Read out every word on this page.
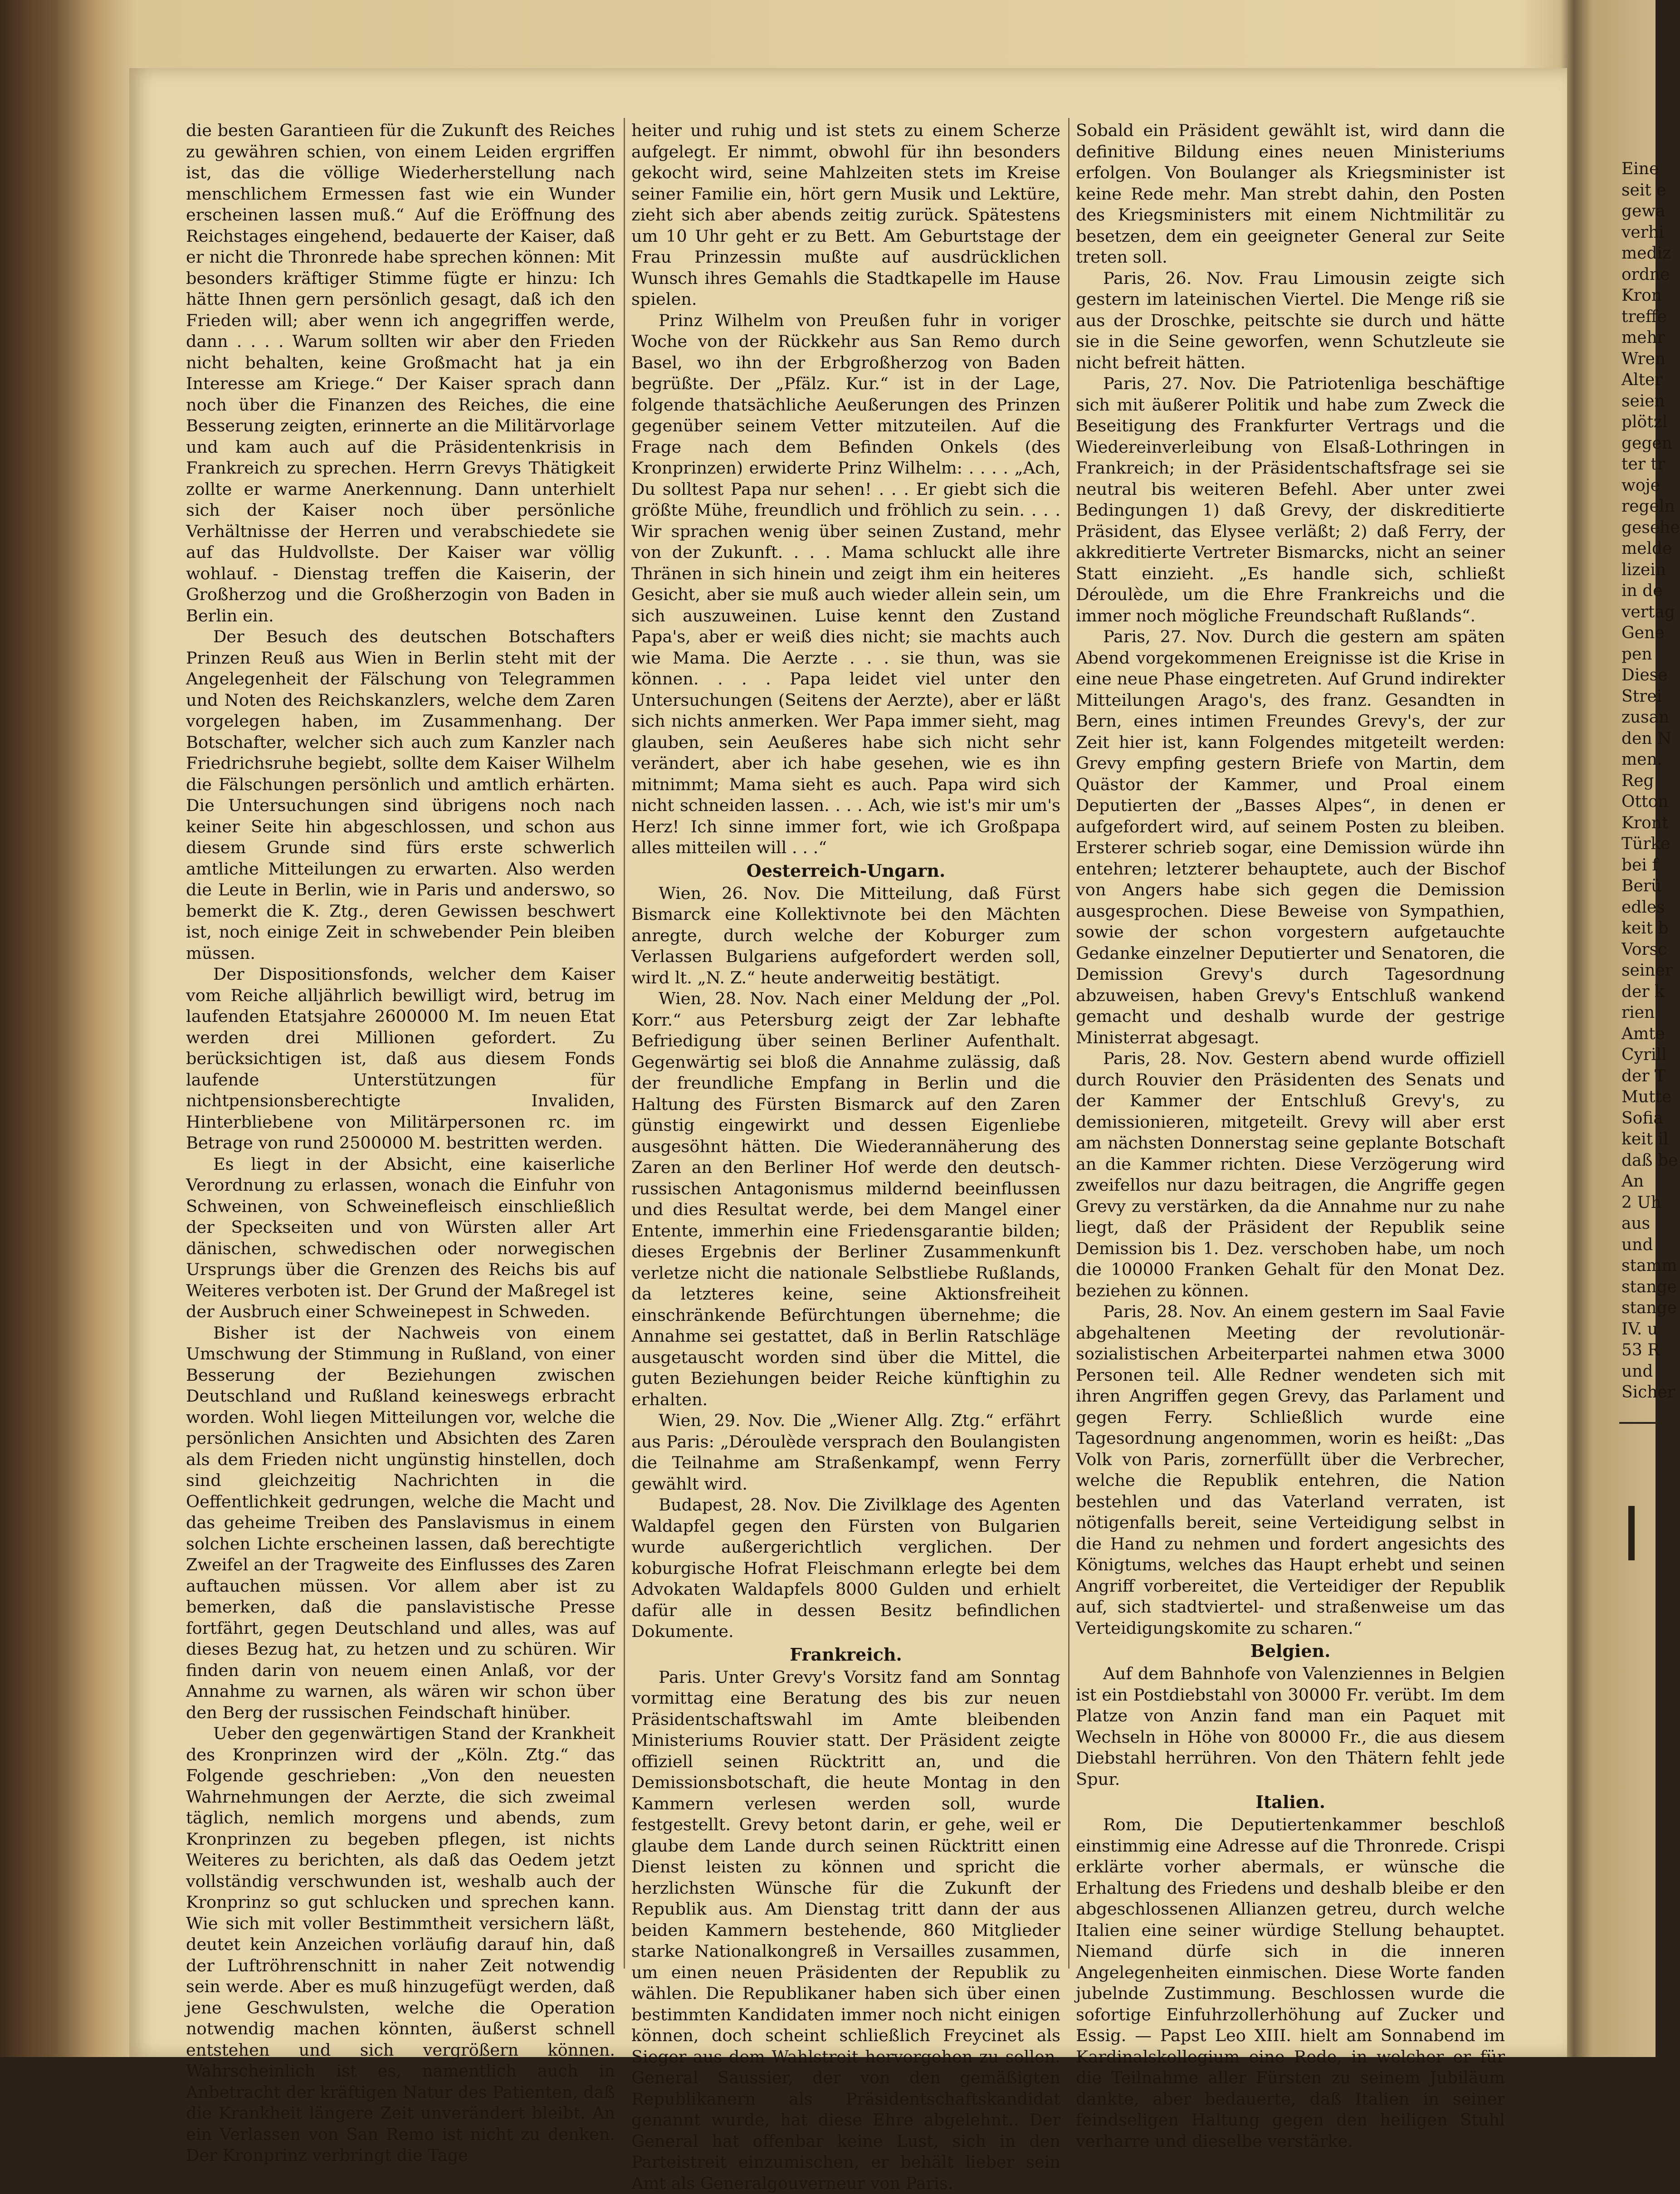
die besten Garantieen für die Zukunft des Reiches zu gewähren schien, von einem Leiden ergriffen ist, das die völlige Wiederherstellung nach menschlichem Ermessen fast wie ein Wunder erscheinen lassen muß.“ Auf die Eröffnung des Reichstages eingehend, bedauerte der Kaiser, daß er nicht die Thronrede habe sprechen können: Mit besonders kräftiger Stimme fügte er hinzu: Ich hätte Ihnen gern persönlich gesagt, daß ich den Frieden will; aber wenn ich angegriffen werde, dann . . . . Warum sollten wir aber den Frieden nicht behalten, keine Großmacht hat ja ein Interesse am Kriege.“ Der Kaiser sprach dann noch über die Finanzen des Reiches, die eine Besserung zeigten, erinnerte an die Militärvorlage und kam auch auf die Präsidentenkrisis in Frankreich zu sprechen. Herrn Grevys Thätigkeit zollte er warme Anerkennung. Dann unterhielt sich der Kaiser noch über persönliche Verhältnisse der Herren und verabschiedete sie auf das Huldvollste. Der Kaiser war völlig wohlauf. - Dienstag treffen die Kaiserin, der Großherzog und die Großherzogin von Baden in Berlin ein.

Der Besuch des deutschen Botschafters Prinzen Reuß aus Wien in Berlin steht mit der Angelegenheit der Fälschung von Telegrammen und Noten des Reichskanzlers, welche dem Zaren vorgelegen haben, im Zusammenhang. Der Botschafter, welcher sich auch zum Kanzler nach Friedrichsruhe begiebt, sollte dem Kaiser Wilhelm die Fälschungen persönlich und amtlich erhärten. Die Untersuchungen sind übrigens noch nach keiner Seite hin abgeschlossen, und schon aus diesem Grunde sind fürs erste schwerlich amtliche Mitteilungen zu erwarten. Also werden die Leute in Berlin, wie in Paris und anderswo, so bemerkt die K. Ztg., deren Gewissen beschwert ist, noch einige Zeit in schwebender Pein bleiben müssen.

Der Dispositionsfonds, welcher dem Kaiser vom Reiche alljährlich bewilligt wird, betrug im laufenden Etatsjahre 2600000 M. Im neuen Etat werden drei Millionen gefordert. Zu berücksichtigen ist, daß aus diesem Fonds laufende Unterstützungen für nichtpensionsberechtigte Invaliden, Hinterbliebene von Militärpersonen rc. im Betrage von rund 2500000 M. bestritten werden.

Es liegt in der Absicht, eine kaiserliche Verordnung zu erlassen, wonach die Einfuhr von Schweinen, von Schweinefleisch einschließlich der Speckseiten und von Würsten aller Art dänischen, schwedischen oder norwegischen Ursprungs über die Grenzen des Reichs bis auf Weiteres verboten ist. Der Grund der Maßregel ist der Ausbruch einer Schweinepest in Schweden.

Bisher ist der Nachweis von einem Umschwung der Stimmung in Rußland, von einer Besserung der Beziehungen zwischen Deutschland und Rußland keineswegs erbracht worden. Wohl liegen Mitteilungen vor, welche die persönlichen Ansichten und Absichten des Zaren als dem Frieden nicht ungünstig hinstellen, doch sind gleichzeitig Nachrichten in die Oeffentlichkeit gedrungen, welche die Macht und das geheime Treiben des Panslavismus in einem solchen Lichte erscheinen lassen, daß berechtigte Zweifel an der Tragweite des Einflusses des Zaren auftauchen müssen. Vor allem aber ist zu bemerken, daß die panslavistische Presse fortfährt, gegen Deutschland und alles, was auf dieses Bezug hat, zu hetzen und zu schüren. Wir finden darin von neuem einen Anlaß, vor der Annahme zu warnen, als wären wir schon über den Berg der russischen Feindschaft hinüber.

Ueber den gegenwärtigen Stand der Krankheit des Kronprinzen wird der „Köln. Ztg.“ das Folgende geschrieben: „Von den neuesten Wahrnehmungen der Aerzte, die sich zweimal täglich, nemlich morgens und abends, zum Kronprinzen zu begeben pflegen, ist nichts Weiteres zu berichten, als daß das Oedem jetzt vollständig verschwunden ist, weshalb auch der Kronprinz so gut schlucken und sprechen kann. Wie sich mit voller Bestimmtheit versichern läßt, deutet kein Anzeichen vorläufig darauf hin, daß der Luftröhrenschnitt in naher Zeit notwendig sein werde. Aber es muß hinzugefügt werden, daß jene Geschwulsten, welche die Operation notwendig machen könnten, äußerst schnell entstehen und sich vergrößern können. Wahrscheinlich ist es, namentlich auch in Anbetracht der kräftigen Natur des Patienten, daß die Krankheit längere Zeit unverändert bleibt. An ein Verlassen von San Remo ist nicht zu denken. Der Kronprinz verbringt die Tage

heiter und ruhig und ist stets zu einem Scherze aufgelegt. Er nimmt, obwohl für ihn besonders gekocht wird, seine Mahlzeiten stets im Kreise seiner Familie ein, hört gern Musik und Lektüre, zieht sich aber abends zeitig zurück. Spätestens um 10 Uhr geht er zu Bett. Am Geburtstage der Frau Prinzessin mußte auf ausdrücklichen Wunsch ihres Gemahls die Stadtkapelle im Hause spielen.

Prinz Wilhelm von Preußen fuhr in voriger Woche von der Rückkehr aus San Remo durch Basel, wo ihn der Erbgroßherzog von Baden begrüßte. Der „Pfälz. Kur.“ ist in der Lage, folgende thatsächliche Aeußerungen des Prinzen gegenüber seinem Vetter mitzuteilen. Auf die Frage nach dem Befinden Onkels (des Kronprinzen) erwiderte Prinz Wilhelm: . . . . „Ach, Du solltest Papa nur sehen! . . . Er giebt sich die größte Mühe, freundlich und fröhlich zu sein. . . . Wir sprachen wenig über seinen Zustand, mehr von der Zukunft. . . . Mama schluckt alle ihre Thränen in sich hinein und zeigt ihm ein heiteres Gesicht, aber sie muß auch wieder allein sein, um sich auszuweinen. Luise kennt den Zustand Papa's, aber er weiß dies nicht; sie machts auch wie Mama. Die Aerzte . . . sie thun, was sie können. . . . Papa leidet viel unter den Untersuchungen (Seitens der Aerzte), aber er läßt sich nichts anmerken. Wer Papa immer sieht, mag glauben, sein Aeußeres habe sich nicht sehr verändert, aber ich habe gesehen, wie es ihn mitnimmt; Mama sieht es auch. Papa wird sich nicht schneiden lassen. . . . Ach, wie ist's mir um's Herz! Ich sinne immer fort, wie ich Großpapa alles mitteilen will . . .“

Oesterreich-Ungarn.

Wien, 26. Nov. Die Mitteilung, daß Fürst Bismarck eine Kollektivnote bei den Mächten anregte, durch welche der Koburger zum Verlassen Bulgariens aufgefordert werden soll, wird lt. „N. Z.“ heute anderweitig bestätigt.

Wien, 28. Nov. Nach einer Meldung der „Pol. Korr.“ aus Petersburg zeigt der Zar lebhafte Befriedigung über seinen Berliner Aufenthalt. Gegenwärtig sei bloß die Annahme zulässig, daß der freundliche Empfang in Berlin und die Haltung des Fürsten Bismarck auf den Zaren günstig eingewirkt und dessen Eigenliebe ausgesöhnt hätten. Die Wiederannäherung des Zaren an den Berliner Hof werde den deutsch-russischen Antagonismus mildernd beeinflussen und dies Resultat werde, bei dem Mangel einer Entente, immerhin eine Friedensgarantie bilden; dieses Ergebnis der Berliner Zusammenkunft verletze nicht die nationale Selbstliebe Rußlands, da letzteres keine, seine Aktionsfreiheit einschränkende Befürchtungen übernehme; die Annahme sei gestattet, daß in Berlin Ratschläge ausgetauscht worden sind über die Mittel, die guten Beziehungen beider Reiche künftighin zu erhalten.

Wien, 29. Nov. Die „Wiener Allg. Ztg.“ erfährt aus Paris: „Déroulède versprach den Boulangisten die Teilnahme am Straßenkampf, wenn Ferry gewählt wird.

Budapest, 28. Nov. Die Zivilklage des Agenten Waldapfel gegen den Fürsten von Bulgarien wurde außergerichtlich verglichen. Der koburgische Hofrat Fleischmann erlegte bei dem Advokaten Waldapfels 8000 Gulden und erhielt dafür alle in dessen Besitz befindlichen Dokumente.

Frankreich.

Paris. Unter Grevy's Vorsitz fand am Sonntag vormittag eine Beratung des bis zur neuen Präsidentschaftswahl im Amte bleibenden Ministeriums Rouvier statt. Der Präsident zeigte offiziell seinen Rücktritt an, und die Demissionsbotschaft, die heute Montag in den Kammern verlesen werden soll, wurde festgestellt. Grevy betont darin, er gehe, weil er glaube dem Lande durch seinen Rücktritt einen Dienst leisten zu können und spricht die herzlichsten Wünsche für die Zukunft der Republik aus. Am Dienstag tritt dann der aus beiden Kammern bestehende, 860 Mitglieder starke Nationalkongreß in Versailles zusammen, um einen neuen Präsidenten der Republik zu wählen. Die Republikaner haben sich über einen bestimmten Kandidaten immer noch nicht einigen können, doch scheint schließlich Freycinet als Sieger aus dem Wahlstreit hervorgehen zu sollen. General Saussier, der von den gemäßigten Republikanern als Präsidentschaftskandidat genannt wurde, hat diese Ehre abgelehnt.. Der General hat offenbar keine Lust, sich in den Parteistreit einzumischen, er behält lieber sein Amt als Generalgouverneur von Paris.

Sobald ein Präsident gewählt ist, wird dann die definitive Bildung eines neuen Ministeriums erfolgen. Von Boulanger als Kriegsminister ist keine Rede mehr. Man strebt dahin, den Posten des Kriegsministers mit einem Nichtmilitär zu besetzen, dem ein geeigneter General zur Seite treten soll.

Paris, 26. Nov. Frau Limousin zeigte sich gestern im lateinischen Viertel. Die Menge riß sie aus der Droschke, peitschte sie durch und hätte sie in die Seine geworfen, wenn Schutzleute sie nicht befreit hätten.

Paris, 27. Nov. Die Patriotenliga beschäftige sich mit äußerer Politik und habe zum Zweck die Beseitigung des Frankfurter Vertrags und die Wiedereinverleibung von Elsaß-Lothringen in Frankreich; in der Präsidentschaftsfrage sei sie neutral bis weiteren Befehl. Aber unter zwei Bedingungen 1) daß Grevy, der diskreditierte Präsident, das Elysee verläßt; 2) daß Ferry, der akkreditierte Vertreter Bismarcks, nicht an seiner Statt einzieht. „Es handle sich, schließt Déroulède, um die Ehre Frankreichs und die immer noch mögliche Freundschaft Rußlands“.

Paris, 27. Nov. Durch die gestern am späten Abend vorgekommenen Ereignisse ist die Krise in eine neue Phase eingetreten. Auf Grund indirekter Mitteilungen Arago's, des franz. Gesandten in Bern, eines intimen Freundes Grevy's, der zur Zeit hier ist, kann Folgendes mitgeteilt werden: Grevy empfing gestern Briefe von Martin, dem Quästor der Kammer, und Proal einem Deputierten der „Basses Alpes“, in denen er aufgefordert wird, auf seinem Posten zu bleiben. Ersterer schrieb sogar, eine Demission würde ihn entehren; letzterer behauptete, auch der Bischof von Angers habe sich gegen die Demission ausgesprochen. Diese Beweise von Sympathien, sowie der schon vorgestern aufgetauchte Gedanke einzelner Deputierter und Senatoren, die Demission Grevy's durch Tagesordnung abzuweisen, haben Grevy's Entschluß wankend gemacht und deshalb wurde der gestrige Ministerrat abgesagt.

Paris, 28. Nov. Gestern abend wurde offiziell durch Rouvier den Präsidenten des Senats und der Kammer der Entschluß Grevy's, zu demissionieren, mitgeteilt. Grevy will aber erst am nächsten Donnerstag seine geplante Botschaft an die Kammer richten. Diese Verzögerung wird zweifellos nur dazu beitragen, die Angriffe gegen Grevy zu verstärken, da die Annahme nur zu nahe liegt, daß der Präsident der Republik seine Demission bis 1. Dez. verschoben habe, um noch die 100000 Franken Gehalt für den Monat Dez. beziehen zu können.

Paris, 28. Nov. An einem gestern im Saal Favie abgehaltenen Meeting der revolutionär-sozialistischen Arbeiterpartei nahmen etwa 3000 Personen teil. Alle Redner wendeten sich mit ihren Angriffen gegen Grevy, das Parlament und gegen Ferry. Schließlich wurde eine Tagesordnung angenommen, worin es heißt: „Das Volk von Paris, zornerfüllt über die Verbrecher, welche die Republik entehren, die Nation bestehlen und das Vaterland verraten, ist nötigenfalls bereit, seine Verteidigung selbst in die Hand zu nehmen und fordert angesichts des Königtums, welches das Haupt erhebt und seinen Angriff vorbereitet, die Verteidiger der Republik auf, sich stadtviertel- und straßenweise um das Verteidigungskomite zu scharen.“

Belgien.

Auf dem Bahnhofe von Valenziennes in Belgien ist ein Postdiebstahl von 30000 Fr. verübt. Im dem Platze von Anzin fand man ein Paquet mit Wechseln in Höhe von 80000 Fr., die aus diesem Diebstahl herrühren. Von den Thätern fehlt jede Spur.

Italien.

Rom, Die Deputiertenkammer beschloß einstimmig eine Adresse auf die Thronrede. Crispi erklärte vorher abermals, er wünsche die Erhaltung des Friedens und deshalb bleibe er den abgeschlossenen Allianzen getreu, durch welche Italien eine seiner würdige Stellung behauptet. Niemand dürfe sich in die inneren Angelegenheiten einmischen. Diese Worte fanden jubelnde Zustimmung. Beschlossen wurde die sofortige Einfuhrzollerhöhung auf Zucker und Essig. — Papst Leo XIII. hielt am Sonnabend im Kardinalskollegium eine Rede, in welcher er für die Teilnahme aller Fürsten zu seinem Jubiläum dankte, aber bedauerte, daß Italien in seiner feindseligen Haltung gegen den heiligen Stuhl verharre und dieselbe verstärke.

Eine
seit e
gewa
verhi
mediz
ordne
Kron
treffe
mehr
Wren
Alter
seien
plötzl
gegen
ter tr
woje
regeln
gesehe
melde
lizein
in de
vertag
Gene
pen
Diese
Strei
zusan
den N
men.
Reg
Otton
Kront
Türke
bei f
Berü
edles
keit b
Vorsc
seiner
der k
rien
Amte
Cyrill
der T
Mutte
Sofia
keit il
daß be
An
2 Uh
aus
und
stamm
stange
stange
IV. u
53 R
und
Sicher
